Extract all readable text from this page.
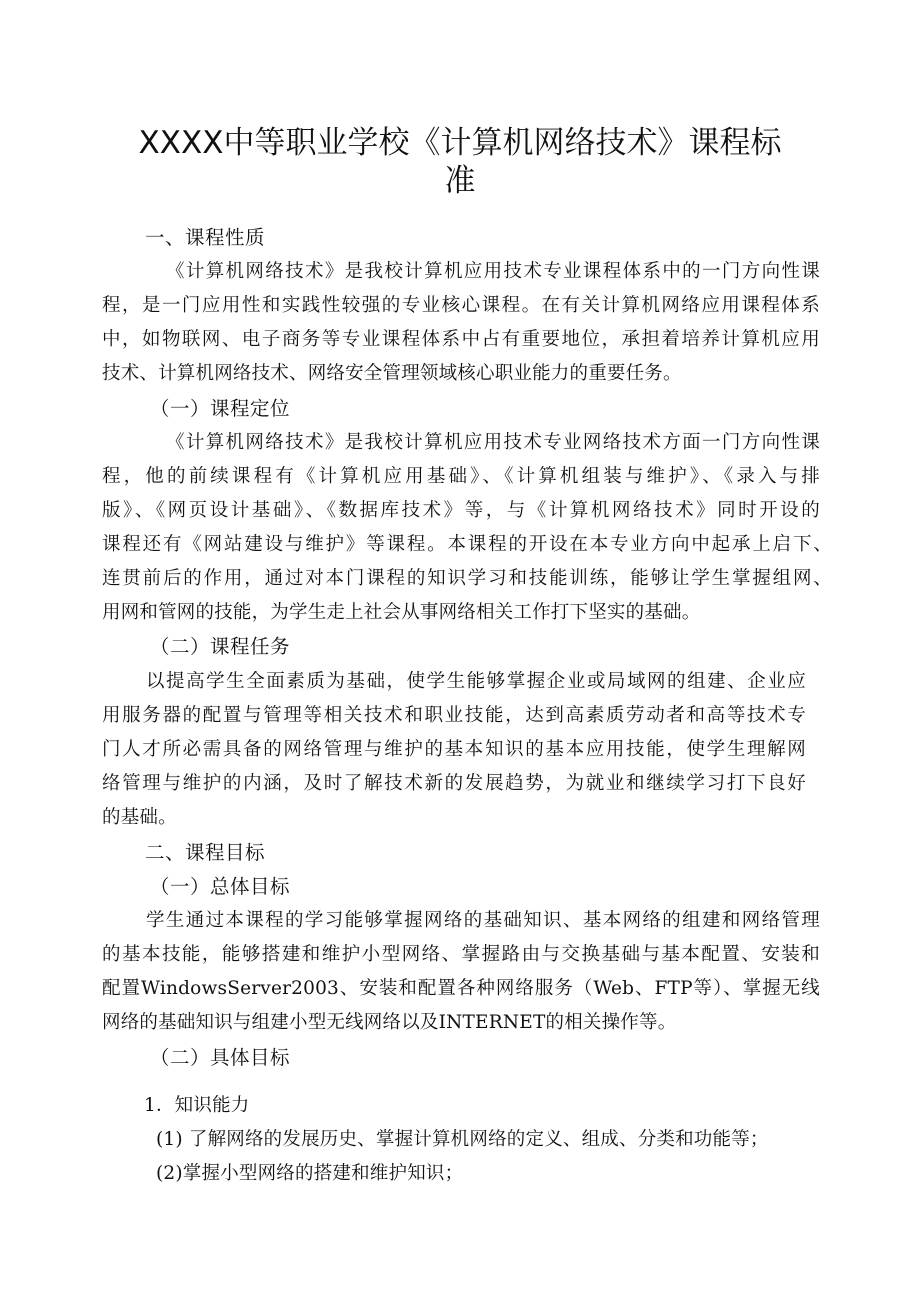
XXXX中等职业学校《计算机网络技术》课程标
准
一、课程性质
《计算机网络技术》是我校计算机应用技术专业课程体系中的一门方向性课
程，是一门应用性和实践性较强的专业核心课程。在有关计算机网络应用课程体系
中，如物联网、电子商务等专业课程体系中占有重要地位，承担着培养计算机应用
技术、计算机网络技术、网络安全管理领域核心职业能力的重要任务。
（一）课程定位
《计算机网络技术》是我校计算机应用技术专业网络技术方面一门方向性课
程，他的前续课程有《计算机应用基础》、《计算机组装与维护》、《录入与排
版》、《网页设计基础》、《数据库技术》等，与《计算机网络技术》同时开设的
课程还有《网站建设与维护》等课程。本课程的开设在本专业方向中起承上启下、
连贯前后的作用，通过对本门课程的知识学习和技能训练，能够让学生掌握组网、
用网和管网的技能，为学生走上社会从事网络相关工作打下坚实的基础。
（二）课程任务
以提高学生全面素质为基础，使学生能够掌握企业或局域网的组建、企业应
用服务器的配置与管理等相关技术和职业技能，达到高素质劳动者和高等技术专
门人才所必需具备的网络管理与维护的基本知识的基本应用技能，使学生理解网
络管理与维护的内涵，及时了解技术新的发展趋势，为就业和继续学习打下良好
的基础。
二、课程目标
（一）总体目标
学生通过本课程的学习能够掌握网络的基础知识、基本网络的组建和网络管理
的基本技能，能够搭建和维护小型网络、掌握路由与交换基础与基本配置、安装和
配置WindowsServer2003、安装和配置各种网络服务（Web、FTP等）、掌握无线
网络的基础知识与组建小型无线网络以及INTERNET的相关操作等。
（二）具体目标
1．知识能力
(1) 了解网络的发展历史、掌握计算机网络的定义、组成、分类和功能等；
(2)掌握小型网络的搭建和维护知识；
